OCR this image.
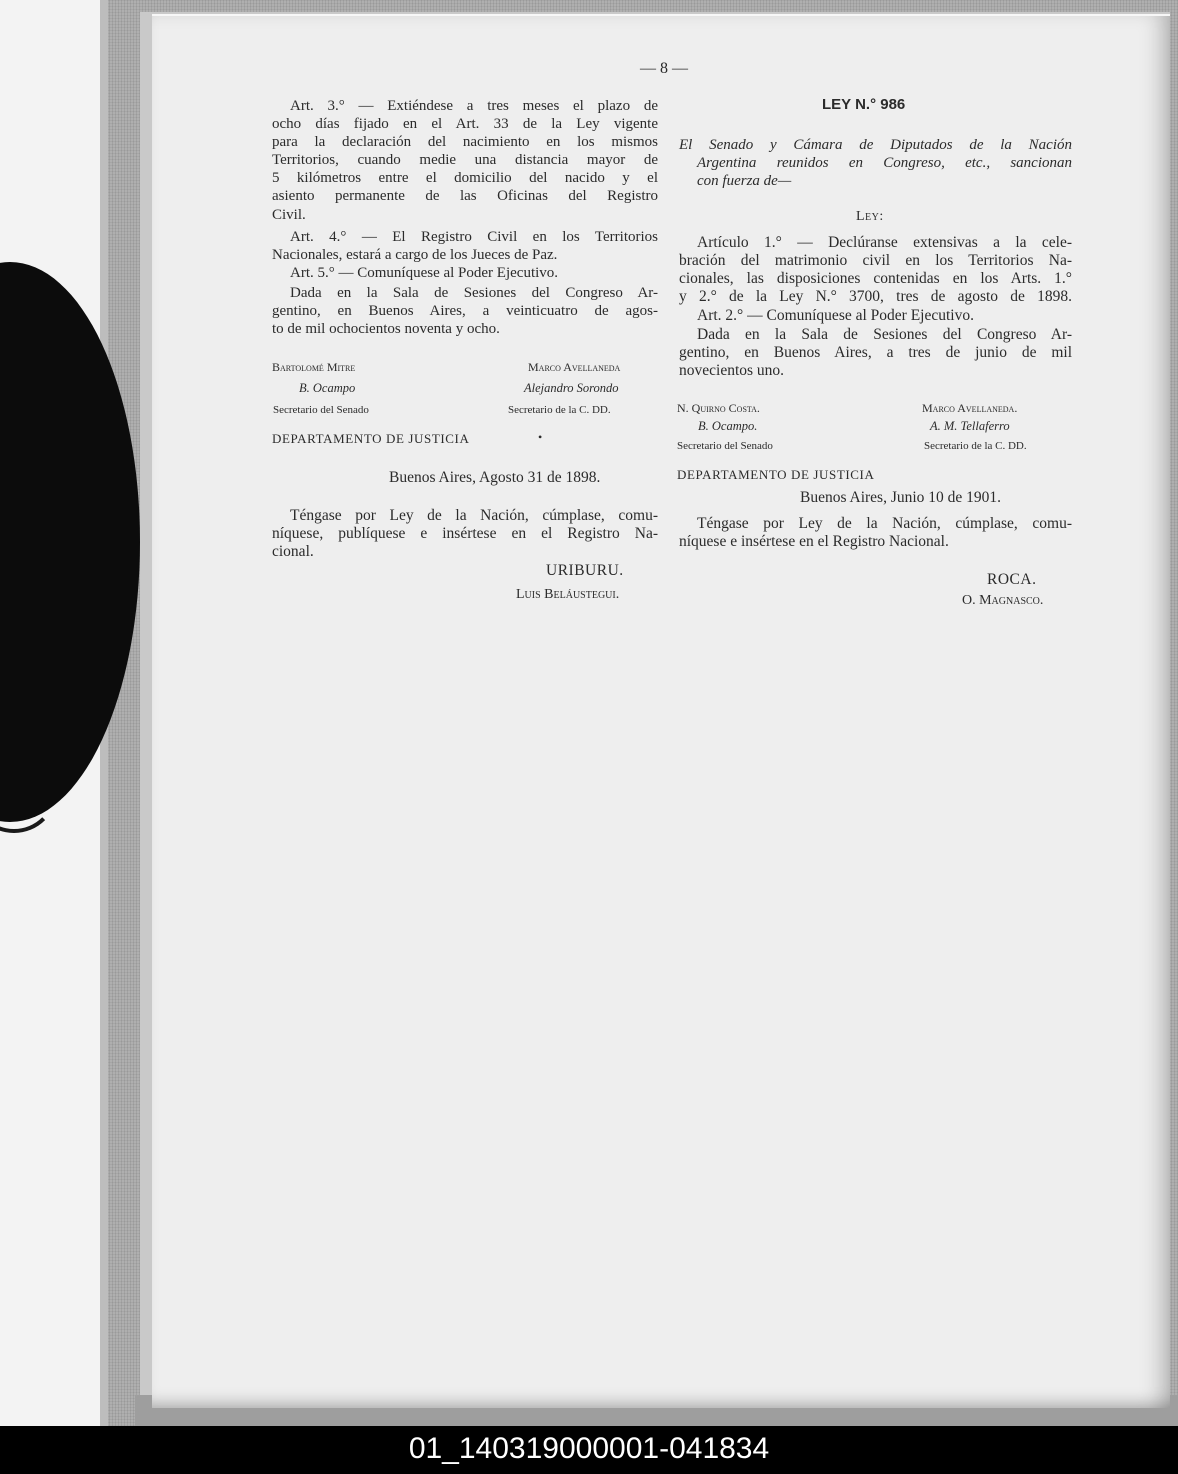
— 8 —
Art. 3.° — Extiéndese a tres meses el plazo de
ocho días fijado en el Art. 33 de la Ley vigente
para la declaración del nacimiento en los mismos
Territorios, cuando medie una distancia mayor de
5 kilómetros entre el domicilio del nacido y el
asiento permanente de las Oficinas del Registro
Civil.
Art. 4.° — El Registro Civil en los Territorios
Nacionales, estará a cargo de los Jueces de Paz.
Art. 5.° — Comuníquese al Poder Ejecutivo.
Dada en la Sala de Sesiones del Congreso Ar-
gentino, en Buenos Aires, a veinticuatro de agos-
to de mil ochocientos noventa y ocho.
Bartolomé Mitre	Marco Avellaneda
B. Ocampo	Alejandro Sorondo
Secretario del Senado	Secretario de la C. DD.
DEPARTAMENTO DE JUSTICIA	•
Buenos Aires, Agosto 31 de 1898.
Téngase por Ley de la Nación, cúmplase, comu-
níquese, publíquese e insértese en el Registro Na-
cional.
URIBURU.
Luis Beláustegui.
LEY N.° 986
El Senado y Cámara de Diputados de la Nación
Argentina reunidos en Congreso, etc., sancionan
con fuerza de—
Ley:
Artículo 1.° — Declúranse extensivas a la cele-
bración del matrimonio civil en los Territorios Na-
cionales, las disposiciones contenidas en los Arts. 1.°
y 2.° de la Ley N.° 3700, tres de agosto de 1898.
Art. 2.° — Comuníquese al Poder Ejecutivo.
Dada en la Sala de Sesiones del Congreso Ar-
gentino, en Buenos Aires, a tres de junio de mil
novecientos uno.
N. Quirno Costa.	Marco Avellaneda.
B. Ocampo.	A. M. Tellaferro
Secretario del Senado	Secretario de la C. DD.
DEPARTAMENTO DE JUSTICIA
Buenos Aires, Junio 10 de 1901.
Téngase por Ley de la Nación, cúmplase, comu-
níquese e insértese en el Registro Nacional.
ROCA.
O. Magnasco.
01_140319000001-041834
